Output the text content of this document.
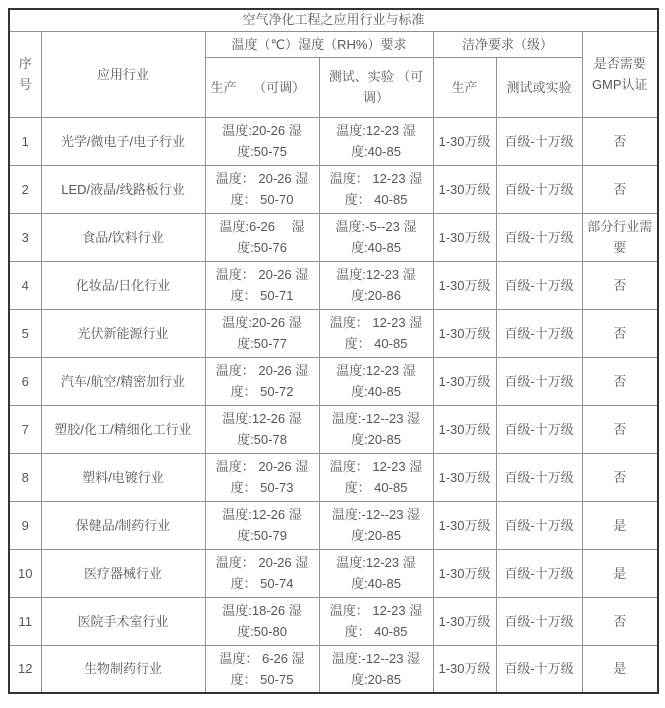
空气净化工程之应用行业与标准						
序号	应用行业	温度（℃）湿度（RH%）要求		洁净要求（级）		是否需要GMP认证
		生产　 （可调）	测试、实验 （可调）	生产	测试或实验	
1	光学/微电子/电子行业	温度:20-26 湿度:50-75	温度:12-23 湿度:40-85	1-30万级	百级-十万级	否
2	LED/液晶/线路板行业	温度： 20-26 湿度： 50-70	温度： 12-23 湿度： 40-85	1-30万级	百级-十万级	否
3	食品/饮料行业	温度:6-26 　湿度:50-76	温度:-5--23 湿度:40-85	1-30万级	百级-十万级	部分行业需要
4	化妆品/日化行业	温度： 20-26 湿度： 50-71	温度:12-23 湿度:20-86	1-30万级	百级-十万级	否
5	光伏新能源行业	温度:20-26 湿度:50-77	温度： 12-23 湿度： 40-85	1-30万级	百级-十万级	否
6	汽车/航空/精密加行业	温度： 20-26 湿度： 50-72	温度:12-23 湿度:40-85	1-30万级	百级-十万级	否
7	塑胶/化工/精细化工行业	温度:12-26 湿度:50-78	温度:-12--23 湿度:20-85	1-30万级	百级-十万级	否
8	塑料/电镀行业	温度： 20-26 湿度： 50-73	温度： 12-23 湿度： 40-85	1-30万级	百级-十万级	否
9	保健品/制药行业	温度:12-26 湿度:50-79	温度:-12--23 湿度:20-85	1-30万级	百级-十万级	是
10	医疗器械行业	温度： 20-26 湿度： 50-74	温度:12-23 湿度:40-85	1-30万级	百级-十万级	是
11	医院手术室行业	温度:18-26 湿度:50-80	温度： 12-23 湿度： 40-85	1-30万级	百级-十万级	否
12	生物制药行业	温度： 6-26 湿度： 50-75	温度:-12--23 湿度:20-85	1-30万级	百级-十万级	是
